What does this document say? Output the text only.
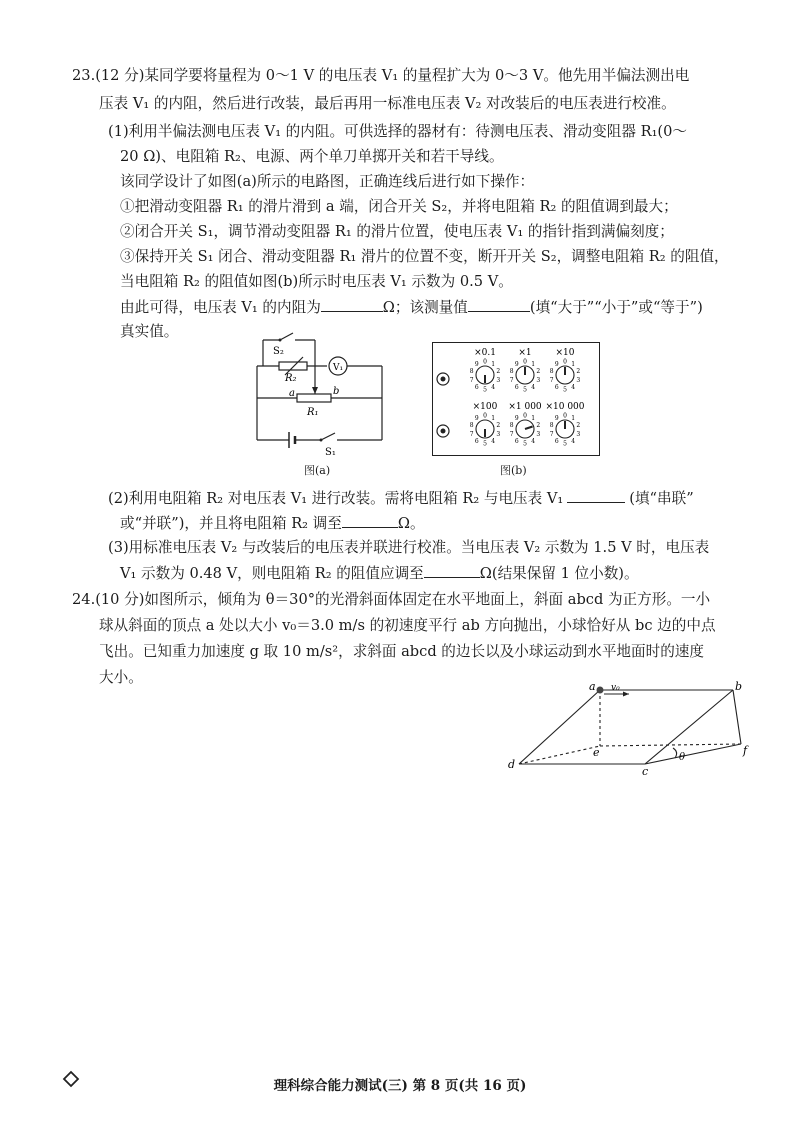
23.(12 分)某同学要将量程为 0～1 V 的电压表 V₁ 的量程扩大为 0～3 V。他先用半偏法测出电
压表 V₁ 的内阻，然后进行改装，最后再用一标准电压表 V₂ 对改装后的电压表进行校准。
(1)利用半偏法测电压表 V₁ 的内阻。可供选择的器材有：待测电压表、滑动变阻器 R₁(0～
20 Ω)、电阻箱 R₂、电源、两个单刀单掷开关和若干导线。
该同学设计了如图(a)所示的电路图，正确连线后进行如下操作：
①把滑动变阻器 R₁ 的滑片滑到 a 端，闭合开关 S₂，并将电阻箱 R₂ 的阻值调到最大；
②闭合开关 S₁，调节滑动变阻器 R₁ 的滑片位置，使电压表 V₁ 的指针指到满偏刻度；
③保持开关 S₁ 闭合、滑动变阻器 R₁ 滑片的位置不变，断开开关 S₂，调整电阻箱 R₂ 的阻值，
当电阻箱 R₂ 的阻值如图(b)所示时电压表 V₁ 示数为 0.5 V。
由此可得，电压表 V₁ 的内阻为	Ω；该测量值	(填“大于”“小于”或“等于”)
真实值。
S₂
R₂
V₁
a	b
R₁
S₁
图(a)
×0.1
0 1
2
3
4
5
6
7
8
9
×1
0 1
2
3
4
5
6
7
8
9
×10
0 1
2
3
4
5
6
7
8
9
×100
0 1
2
3
4
5
6
7
8
9
×1 000
0 1
2
3
4
5
6
7
8
9
×10 000
0 1
2
3
4
5
6
7
8
9
图(b)
(2)利用电阻箱 R₂ 对电压表 V₁ 进行改装。需将电阻箱 R₂ 与电压表 V₁	(填“串联”
或“并联”)，并且将电阻箱 R₂ 调至	Ω。
(3)用标准电压表 V₂ 与改装后的电压表并联进行校准。当电压表 V₂ 示数为 1.5 V 时，电压表
V₁ 示数为 0.48 V，则电阻箱 R₂ 的阻值应调至	Ω(结果保留 1 位小数)。
24.(10 分)如图所示，倾角为 θ＝30°的光滑斜面体固定在水平地面上，斜面 abcd 为正方形。一小
球从斜面的顶点 a 处以大小 v₀＝3.0 m/s 的初速度平行 ab 方向抛出，小球恰好从 bc 边的中点
飞出。已知重力加速度 g 取 10 m/s²，求斜面 abcd 的边长以及小球运动到水平地面时的速度
大小。
a	b
c
d
e	f
v₀
θ
理科综合能力测试(三) 第 8 页(共 16 页)
